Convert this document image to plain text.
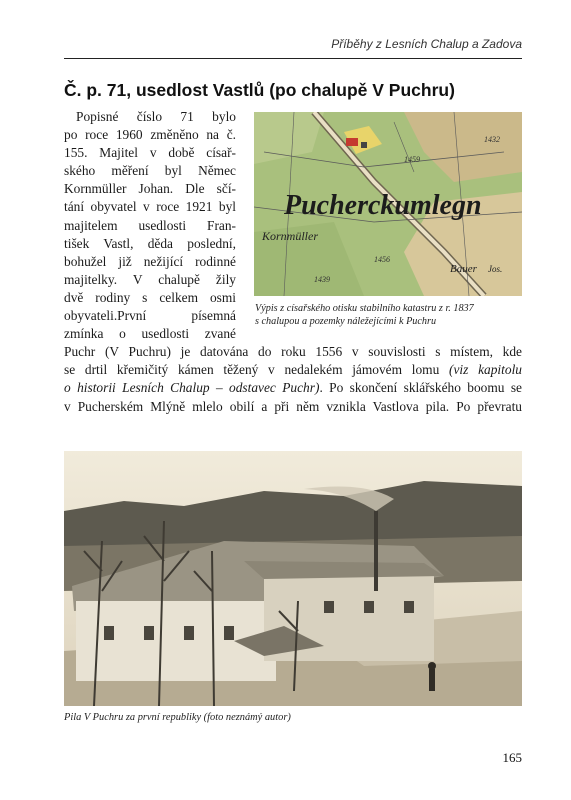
Příběhy z Lesních Chalup a Zadova
Č. p. 71, usedlost Vastlů (po chalupě V Puchru)
Popisné číslo 71 bylo
po roce 1960 změněno na č.
155. Majitel v době císař-
ského měření byl Němec
Kornmüller Johan. Dle sčí-
tání obyvatel v roce 1921 byl
majitelem usedlosti Fran-
tišek Vastl, děda poslední,
bohužel již nežijící rodinné
majitelky. V chalupě žily
dvě rodiny s celkem osmi
obyvateli.První písemná
zmínka o usedlosti zvané
Puchr (V Puchru) je datována do roku 1556 v souvislosti s místem, kde
se drtil křemičitý kámen těžený v nedalekém jámovém lomu (viz kapitolu
o historii Lesních Chalup – odstavec Puchr). Po skončení sklářského boomu se
v Pucherském Mlýně mlelo obilí a při něm vznikla Vastlova pila. Po převratu
Pucherckumlegn
Kornmüller
Bauer Jos.
1459
1432
1456
1439
Výpis z císařského otisku stabilního katastru z r. 1837
s chalupou a pozemky náležejícími k Puchru
Pila V Puchru za první republiky (foto neznámý autor)
165
